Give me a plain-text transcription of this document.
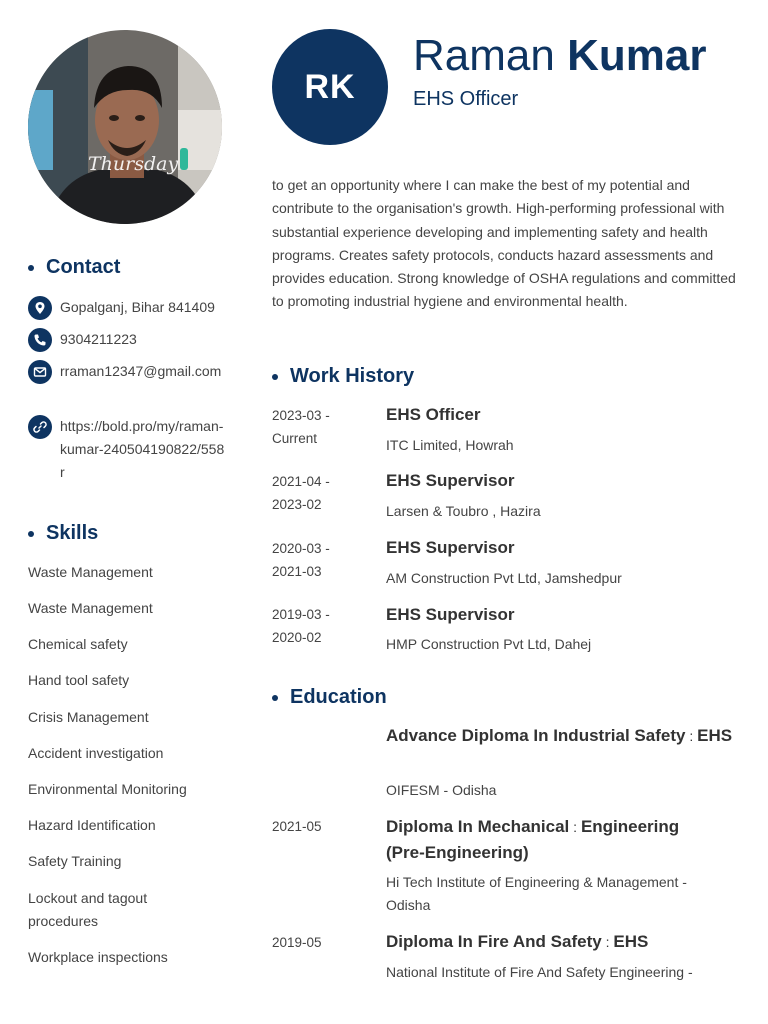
Thursday
RK
Raman Kumar
EHS Officer
Contact
Gopalganj, Bihar 841409
9304211223
rraman12347@gmail.com
https://bold.pro/my/raman-kumar-240504190822/558r
Skills
Waste Management
Waste Management
Chemical safety
Hand tool safety
Crisis Management
Accident investigation
Environmental Monitoring
Hazard Identification
Safety Training
Lockout and tagout procedures
Workplace inspections
to get an opportunity where I can make the best of my potential and contribute to the organisation's growth. High-performing professional with substantial experience developing and implementing safety and health programs. Creates safety protocols, conducts hazard assessments and provides education. Strong knowledge of OSHA regulations and committed to promoting industrial hygiene and environmental health.
Work History
2023-03 - Current
EHS Officer
ITC Limited, Howrah
2021-04 - 2023-02
EHS Supervisor
Larsen & Toubro , Hazira
2020-03 - 2021-03
EHS Supervisor
AM Construction Pvt Ltd, Jamshedpur
2019-03 - 2020-02
EHS Supervisor
HMP Construction Pvt Ltd, Dahej
Education
Advance Diploma In Industrial Safety : EHS
OIFESM - Odisha
2021-05	Diploma In Mechanical : Engineering (Pre-Engineering)
Hi Tech Institute of Engineering & Management - Odisha
2019-05	Diploma In Fire And Safety : EHS
National Institute of Fire And Safety Engineering -
